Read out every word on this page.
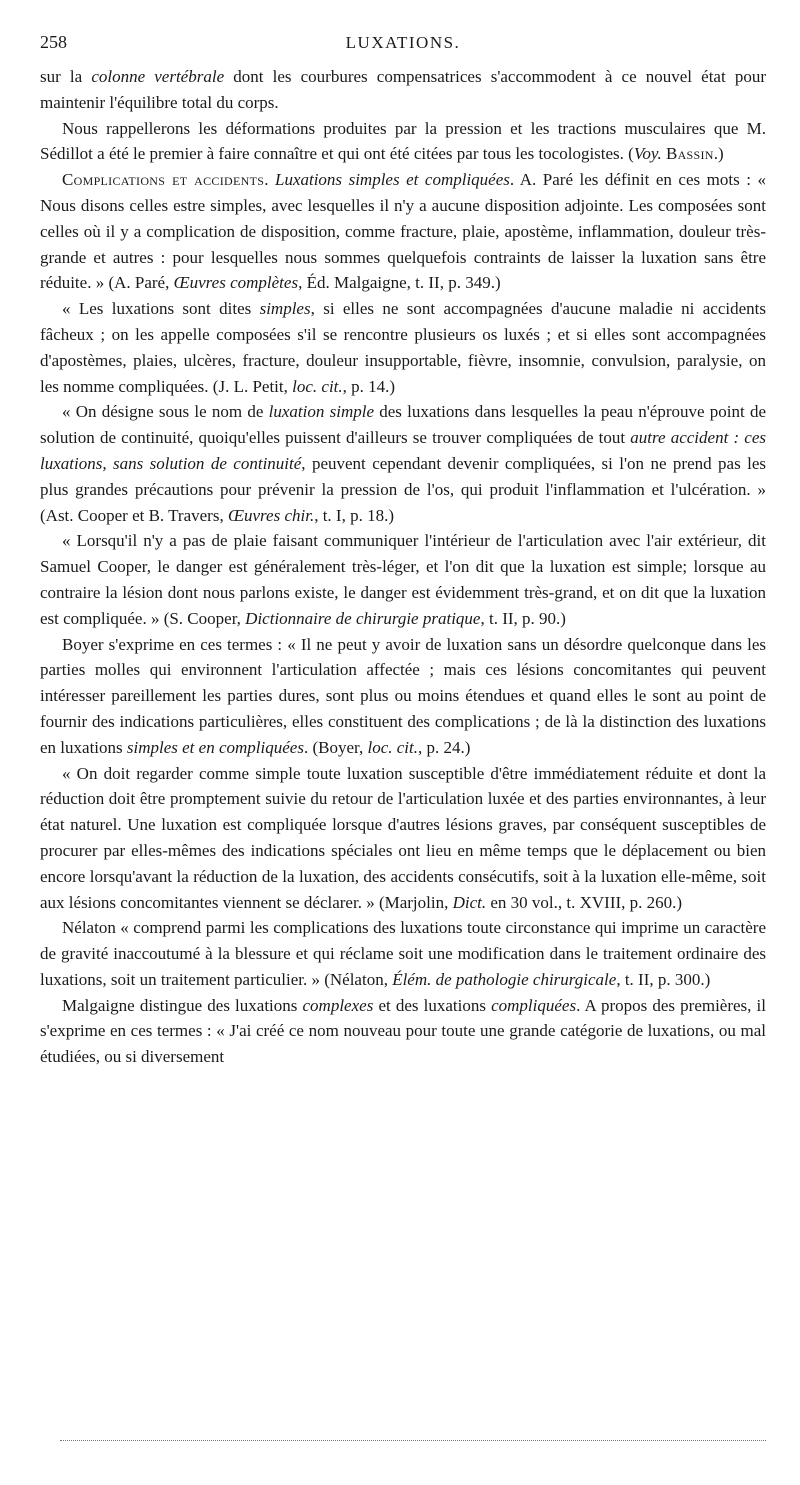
258	LUXATIONS.

sur la colonne vertébrale dont les courbures compensatrices s'accommodent à ce nouvel état pour maintenir l'équilibre total du corps.

Nous rappellerons les déformations produites par la pression et les tractions musculaires que M. Sédillot a été le premier à faire connaître et qui ont été citées par tous les tocologistes. (Voy. Bassin.)

Complications et accidents. Luxations simples et compliquées. A. Paré les définit en ces mots : « Nous disons celles estre simples, avec lesquelles il n'y a aucune disposition adjointe. Les composées sont celles où il y a complication de disposition, comme fracture, plaie, apostème, inflammation, douleur très-grande et autres : pour lesquelles nous sommes quelquefois contraints de laisser la luxation sans être réduite. » (A. Paré, Œuvres complètes, Éd. Malgaigne, t. II, p. 349.)

« Les luxations sont dites simples, si elles ne sont accompagnées d'aucune maladie ni accidents fâcheux ; on les appelle composées s'il se rencontre plusieurs os luxés ; et si elles sont accompagnées d'apostèmes, plaies, ulcères, fracture, douleur insupportable, fièvre, insomnie, convulsion, paralysie, on les nomme compliquées. (J. L. Petit, loc. cit., p. 14.)

« On désigne sous le nom de luxation simple des luxations dans lesquelles la peau n'éprouve point de solution de continuité, quoiqu'elles puissent d'ailleurs se trouver compliquées de tout autre accident : ces luxations, sans solution de continuité, peuvent cependant devenir compliquées, si l'on ne prend pas les plus grandes précautions pour prévenir la pression de l'os, qui produit l'inflammation et l'ulcération. » (Ast. Cooper et B. Travers, Œuvres chir., t. I, p. 18.)

« Lorsqu'il n'y a pas de plaie faisant communiquer l'intérieur de l'articulation avec l'air extérieur, dit Samuel Cooper, le danger est généralement très-léger, et l'on dit que la luxation est simple; lorsque au contraire la lésion dont nous parlons existe, le danger est évidemment très-grand, et on dit que la luxation est compliquée. » (S. Cooper, Dictionnaire de chirurgie pratique, t. II, p. 90.)

Boyer s'exprime en ces termes : « Il ne peut y avoir de luxation sans un désordre quelconque dans les parties molles qui environnent l'articulation affectée ; mais ces lésions concomitantes qui peuvent intéresser pareillement les parties dures, sont plus ou moins étendues et quand elles le sont au point de fournir des indications particulières, elles constituent des complications ; de là la distinction des luxations en luxations simples et en compliquées. (Boyer, loc. cit., p. 24.)

« On doit regarder comme simple toute luxation susceptible d'être immédiatement réduite et dont la réduction doit être promptement suivie du retour de l'articulation luxée et des parties environnantes, à leur état naturel. Une luxation est compliquée lorsque d'autres lésions graves, par conséquent susceptibles de procurer par elles-mêmes des indications spéciales ont lieu en même temps que le déplacement ou bien encore lorsqu'avant la réduction de la luxation, des accidents consécutifs, soit à la luxation elle-même, soit aux lésions concomitantes viennent se déclarer. » (Marjolin, Dict. en 30 vol., t. XVIII, p. 260.)

Nélaton « comprend parmi les complications des luxations toute circonstance qui imprime un caractère de gravité inaccoutumé à la blessure et qui réclame soit une modification dans le traitement ordinaire des luxations, soit un traitement particulier. » (Nélaton, Élém. de pathologie chirurgicale, t. II, p. 300.)

Malgaigne distingue des luxations complexes et des luxations compliquées. A propos des premières, il s'exprime en ces termes : « J'ai créé ce nom nouveau pour toute une grande catégorie de luxations, ou mal étudiées, ou si diversement
